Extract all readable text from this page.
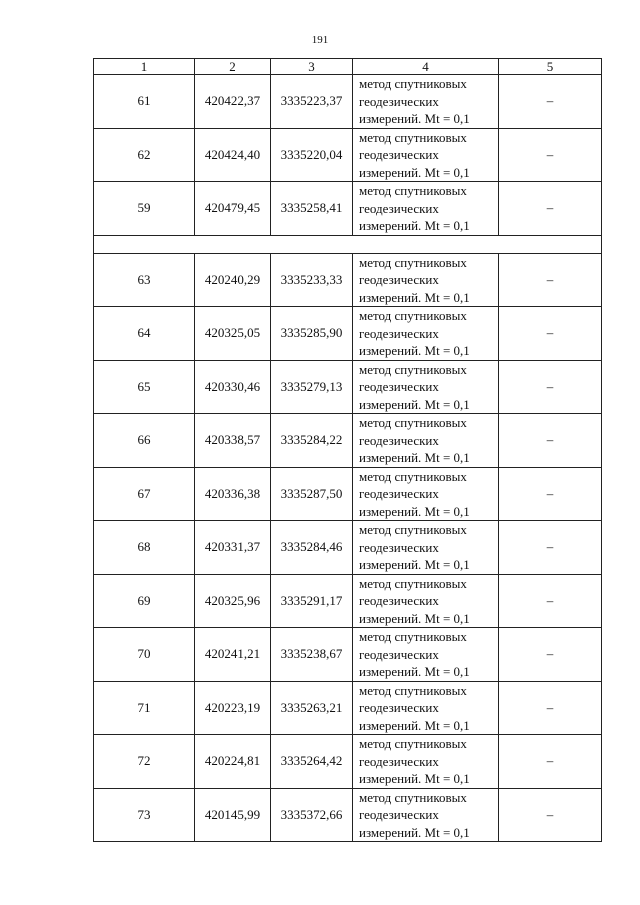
191
1	2	3	4	5
61	420422,37	3335223,37	метод спутниковых
геодезических
измерений. Mt = 0,1	–
62	420424,40	3335220,04	метод спутниковых
геодезических
измерений. Mt = 0,1	–
59	420479,45	3335258,41	метод спутниковых
геодезических
измерений. Mt = 0,1	–

63	420240,29	3335233,33	метод спутниковых
геодезических
измерений. Mt = 0,1	–
64	420325,05	3335285,90	метод спутниковых
геодезических
измерений. Mt = 0,1	–
65	420330,46	3335279,13	метод спутниковых
геодезических
измерений. Mt = 0,1	–
66	420338,57	3335284,22	метод спутниковых
геодезических
измерений. Mt = 0,1	–
67	420336,38	3335287,50	метод спутниковых
геодезических
измерений. Mt = 0,1	–
68	420331,37	3335284,46	метод спутниковых
геодезических
измерений. Mt = 0,1	–
69	420325,96	3335291,17	метод спутниковых
геодезических
измерений. Mt = 0,1	–
70	420241,21	3335238,67	метод спутниковых
геодезических
измерений. Mt = 0,1	–
71	420223,19	3335263,21	метод спутниковых
геодезических
измерений. Mt = 0,1	–
72	420224,81	3335264,42	метод спутниковых
геодезических
измерений. Mt = 0,1	–
73	420145,99	3335372,66	метод спутниковых
геодезических
измерений. Mt = 0,1	–
